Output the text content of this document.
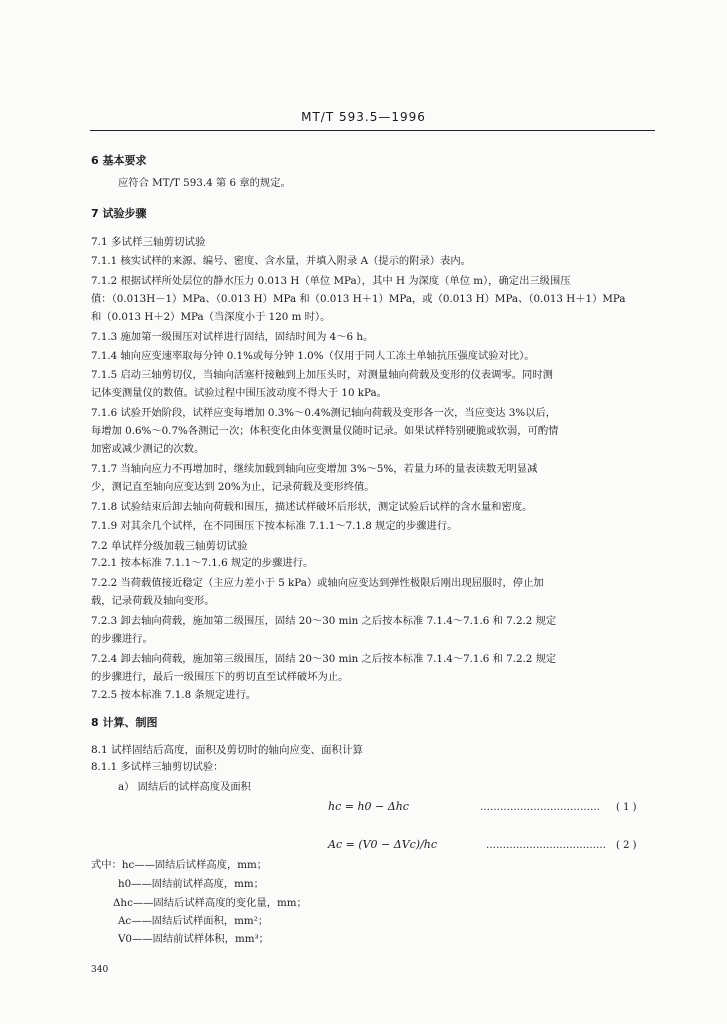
MT/T 593.5—1996
6 基本要求
应符合 MT/T 593.4 第 6 章的规定。
7 试验步骤
7.1 多试样三轴剪切试验
7.1.1 核实试样的来源、编号、密度、含水量，并填入附录 A（提示的附录）表内。
7.1.2 根据试样所处层位的静水压力 0.013 H（单位 MPa），其中 H 为深度（单位 m），确定出三级围压
值：（0.013H－1）MPa、（0.013 H）MPa 和（0.013 H＋1）MPa，或（0.013 H）MPa、（0.013 H＋1）MPa
和（0.013 H＋2）MPa（当深度小于 120 m 时）。
7.1.3 施加第一级围压对试样进行固结，固结时间为 4～6 h。
7.1.4 轴向应变速率取每分钟 0.1%或每分钟 1.0%（仅用于同人工冻土单轴抗压强度试验对比）。
7.1.5 启动三轴剪切仪，当轴向活塞杆接触到上加压头时，对测量轴向荷载及变形的仪表调零。同时测
记体变测量仪的数值。试验过程中围压波动度不得大于 10 kPa。
7.1.6 试验开始阶段，试样应变每增加 0.3%～0.4%测记轴向荷载及变形各一次，当应变达 3%以后，
每增加 0.6%～0.7%各测记一次；体积变化由体变测量仪随时记录。如果试样特别硬脆或软弱，可酌情
加密或减少测记的次数。
7.1.7 当轴向应力不再增加时，继续加载到轴向应变增加 3%～5%，若量力环的量表读数无明显减
少，测记直至轴向应变达到 20%为止，记录荷载及变形终值。
7.1.8 试验结束后卸去轴向荷载和围压，描述试样破坏后形状，测定试验后试样的含水量和密度。
7.1.9 对其余几个试样，在不同围压下按本标准 7.1.1～7.1.8 规定的步骤进行。
7.2 单试样分级加载三轴剪切试验
7.2.1 按本标准 7.1.1～7.1.6 规定的步骤进行。
7.2.2 当荷载值接近稳定（主应力差小于 5 kPa）或轴向应变达到弹性极限后刚出现屈服时，停止加
载，记录荷载及轴向变形。
7.2.3 卸去轴向荷载，施加第二级围压，固结 20～30 min 之后按本标准 7.1.4～7.1.6 和 7.2.2 规定
的步骤进行。
7.2.4 卸去轴向荷载，施加第三级围压，固结 20～30 min 之后按本标准 7.1.4～7.1.6 和 7.2.2 规定
的步骤进行，最后一级围压下的剪切直至试样破坏为止。
7.2.5 按本标准 7.1.8 条规定进行。
8 计算、制图
8.1 试样固结后高度，面积及剪切时的轴向应变、面积计算
8.1.1 多试样三轴剪切试验：
a） 固结后的试样高度及面积
hc = h0 − Δhc	……………………………… ( 1 )
Ac = (V0 − ΔVc)/hc	……………………………… ( 2 )
式中：hc——固结后试样高度，mm；
h0——固结前试样高度，mm；
Δhc——固结后试样高度的变化量，mm；
Ac——固结后试样面积，mm²；
V0——固结前试样体积，mm³；
340
